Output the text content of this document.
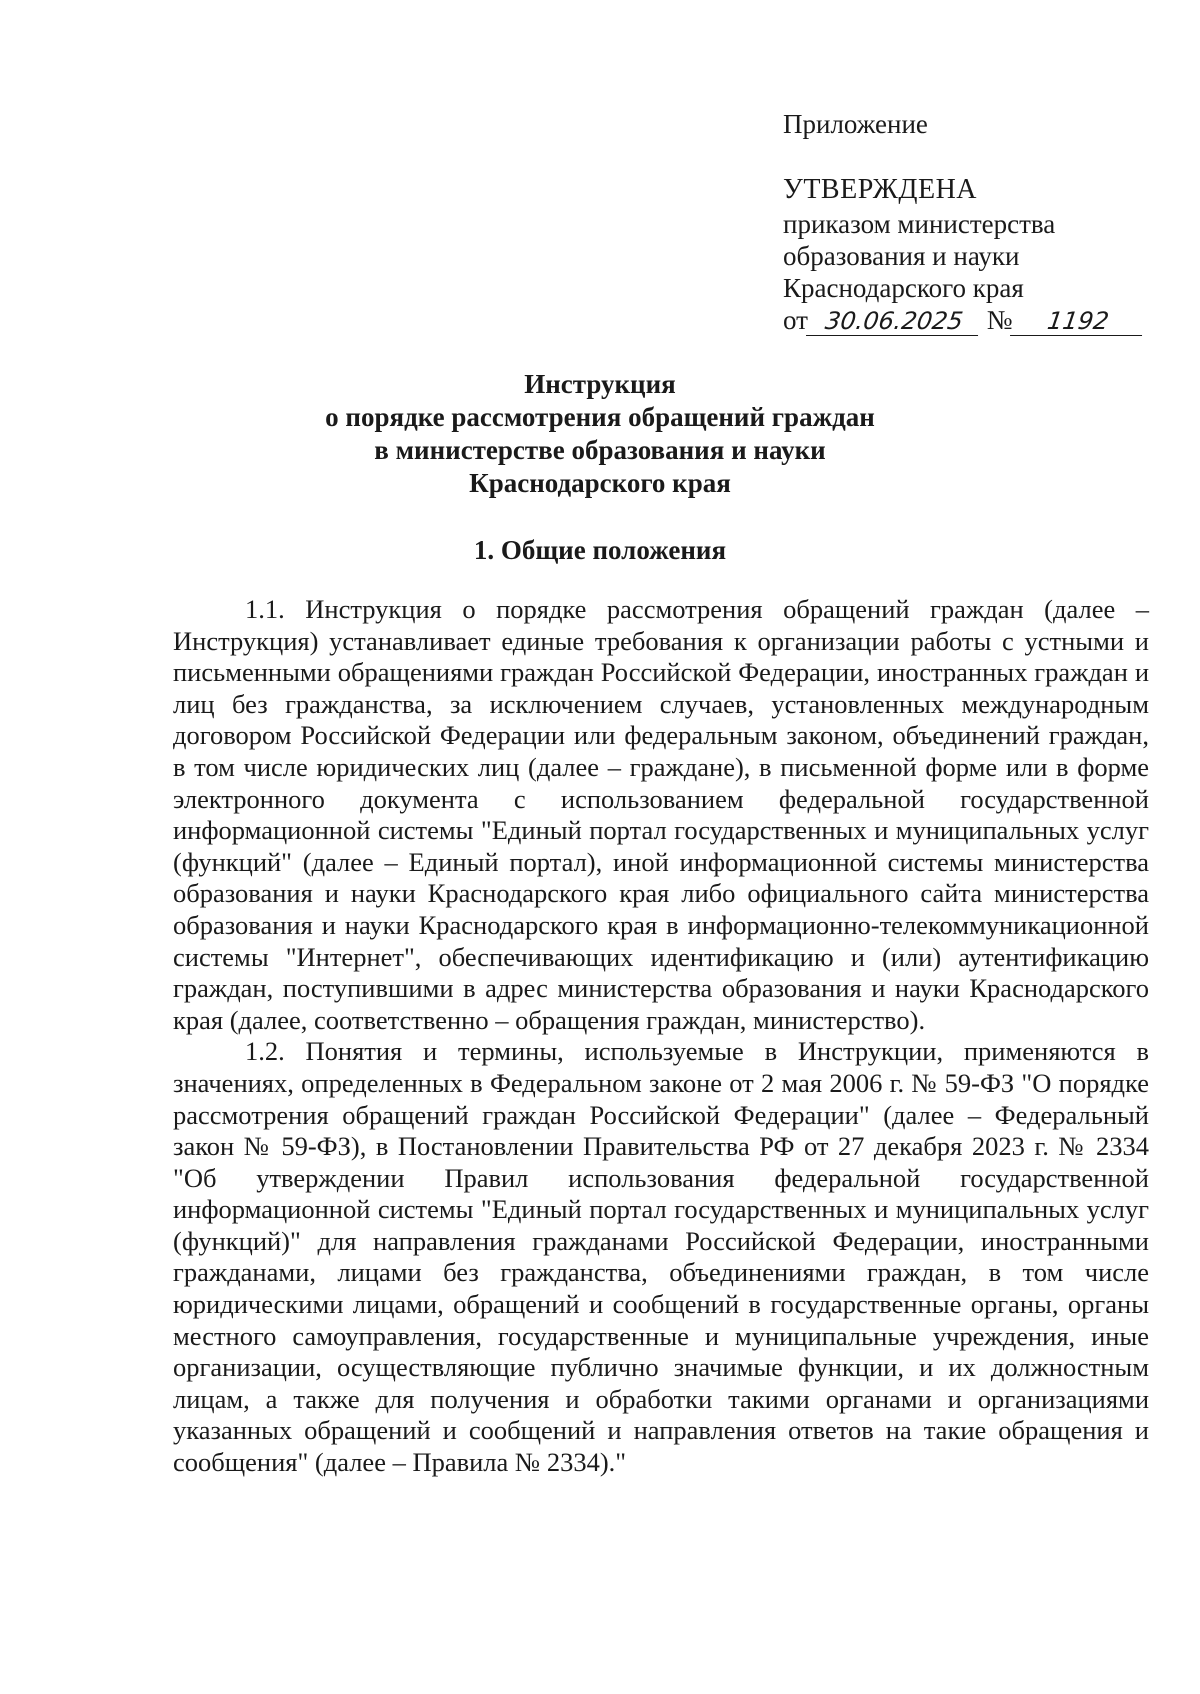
Приложение
УТВЕРЖДЕНА
приказом министерства
образования и науки
Краснодарского края
от 30.06.2025 № 1192
Инструкция
о порядке рассмотрения обращений граждан
в министерстве образования и науки
Краснодарского края
1. Общие положения

1.1. Инструкция о порядке рассмотрения обращений граждан (далее – Инструкция) устанавливает единые требования к организации работы с устными и письменными обращениями граждан Российской Федерации, иностранных граждан и лиц без гражданства, за исключением случаев, установленных международным договором Российской Федерации или федеральным законом, объединений граждан, в том числе юридических лиц (далее – граждане), в письменной форме или в форме электронного документа с использованием федеральной государственной информационной системы "Единый портал государственных и муниципальных услуг (функций" (далее – Единый портал), иной информационной системы министерства образования и науки Краснодарского края либо официального сайта министерства образования и науки Краснодарского края в информационно-телекоммуникационной системы "Интернет", обеспечивающих идентификацию и (или) аутентификацию граждан, поступившими в адрес министерства образования и науки Краснодарского края (далее, соответственно – обращения граждан, министерство).

1.2. Понятия и термины, используемые в Инструкции, применяются в значениях, определенных в Федеральном законе от 2 мая 2006 г. № 59-ФЗ "О порядке рассмотрения обращений граждан Российской Федерации" (далее – Федеральный закон № 59-ФЗ), в Постановлении Правительства РФ от 27 декабря 2023 г. № 2334 "Об утверждении Правил использования федеральной государственной информационной системы "Единый портал государственных и муниципальных услуг (функций)" для направления гражданами Российской Федерации, иностранными гражданами, лицами без гражданства, объединениями граждан, в том числе юридическими лицами, обращений и сообщений в государственные органы, органы местного самоуправления, государственные и муниципальные учреждения, иные организации, осуществляющие публично значимые функции, и их должностным лицам, а также для получения и обработки такими органами и организациями указанных обращений и сообщений и направления ответов на такие обращения и сообщения" (далее – Правила № 2334)."
